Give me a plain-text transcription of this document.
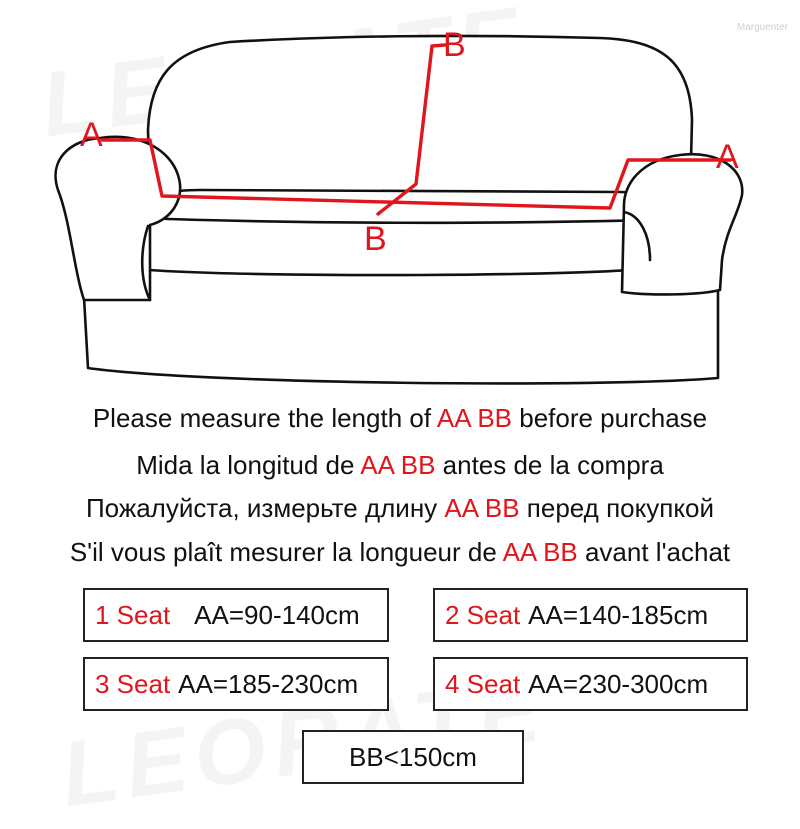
Marguenter
A
A
B
B
Please measure the length of AA BB before purchase
Mida la longitud de AA BB antes de la compra
Пожалуйста, измерьте длину AA BB перед покупкой
S'il vous plaît mesurer la longueur de AA BB avant l'achat
1 Seat AA=90-140cm	2 Seat AA=140-185cm
3 Seat AA=185-230cm	4 Seat AA=230-300cm
BB<150cm
